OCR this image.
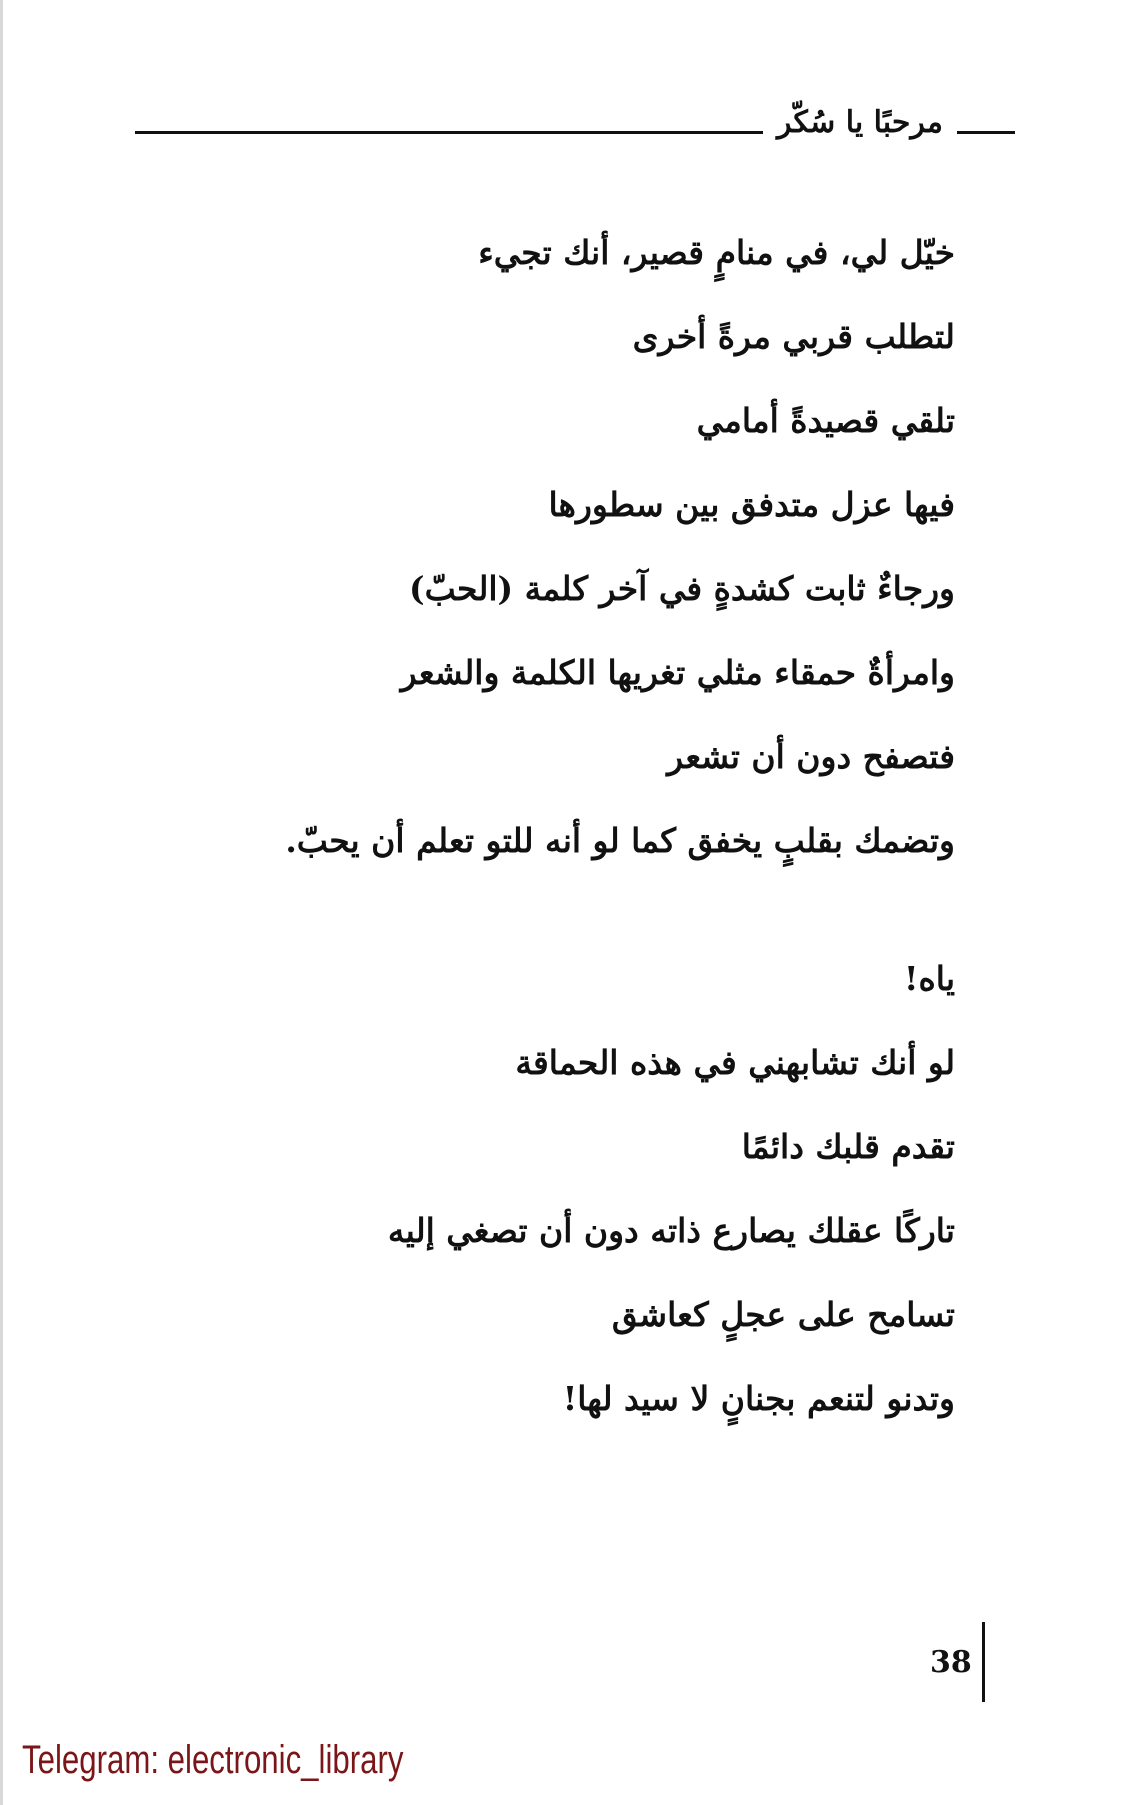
مرحبًا يا سُكّر
خيّل لي، في منامٍ قصير، أنك تجيء
لتطلب قربي مرةً أخرى
تلقي قصيدةً أمامي
فيها عزل متدفق بين سطورها
ورجاءٌ ثابت كشدةٍ في آخر كلمة (الحبّ)
وامرأةٌ حمقاء مثلي تغريها الكلمة والشعر
فتصفح دون أن تشعر
وتضمك بقلبٍ يخفق كما لو أنه للتو تعلم أن يحبّ.
ياه!
لو أنك تشابهني في هذه الحماقة
تقدم قلبك دائمًا
تاركًا عقلك يصارع ذاته دون أن تصغي إليه
تسامح على عجلٍ كعاشق
وتدنو لتنعم بجنانٍ لا سيد لها!
38
Telegram: electronic_library
